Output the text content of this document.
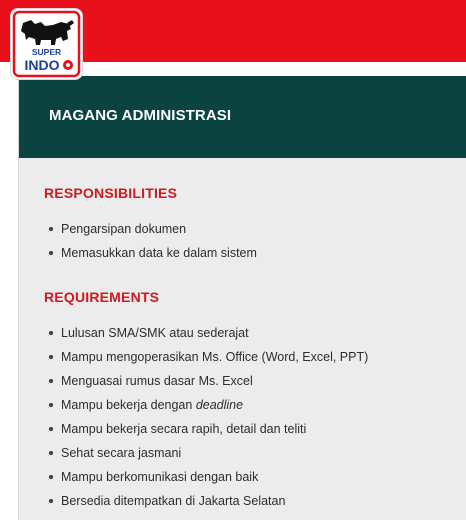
SUPER
INDO
MAGANG ADMINISTRASI
RESPONSIBILITIES
Pengarsipan dokumen
Memasukkan data ke dalam sistem
REQUIREMENTS
Lulusan SMA/SMK atau sederajat
Mampu mengoperasikan Ms. Office (Word, Excel, PPT)
Menguasai rumus dasar Ms. Excel
Mampu bekerja dengan deadline
Mampu bekerja secara rapih, detail dan teliti
Sehat secara jasmani
Mampu berkomunikasi dengan baik
Bersedia ditempatkan di Jakarta Selatan
